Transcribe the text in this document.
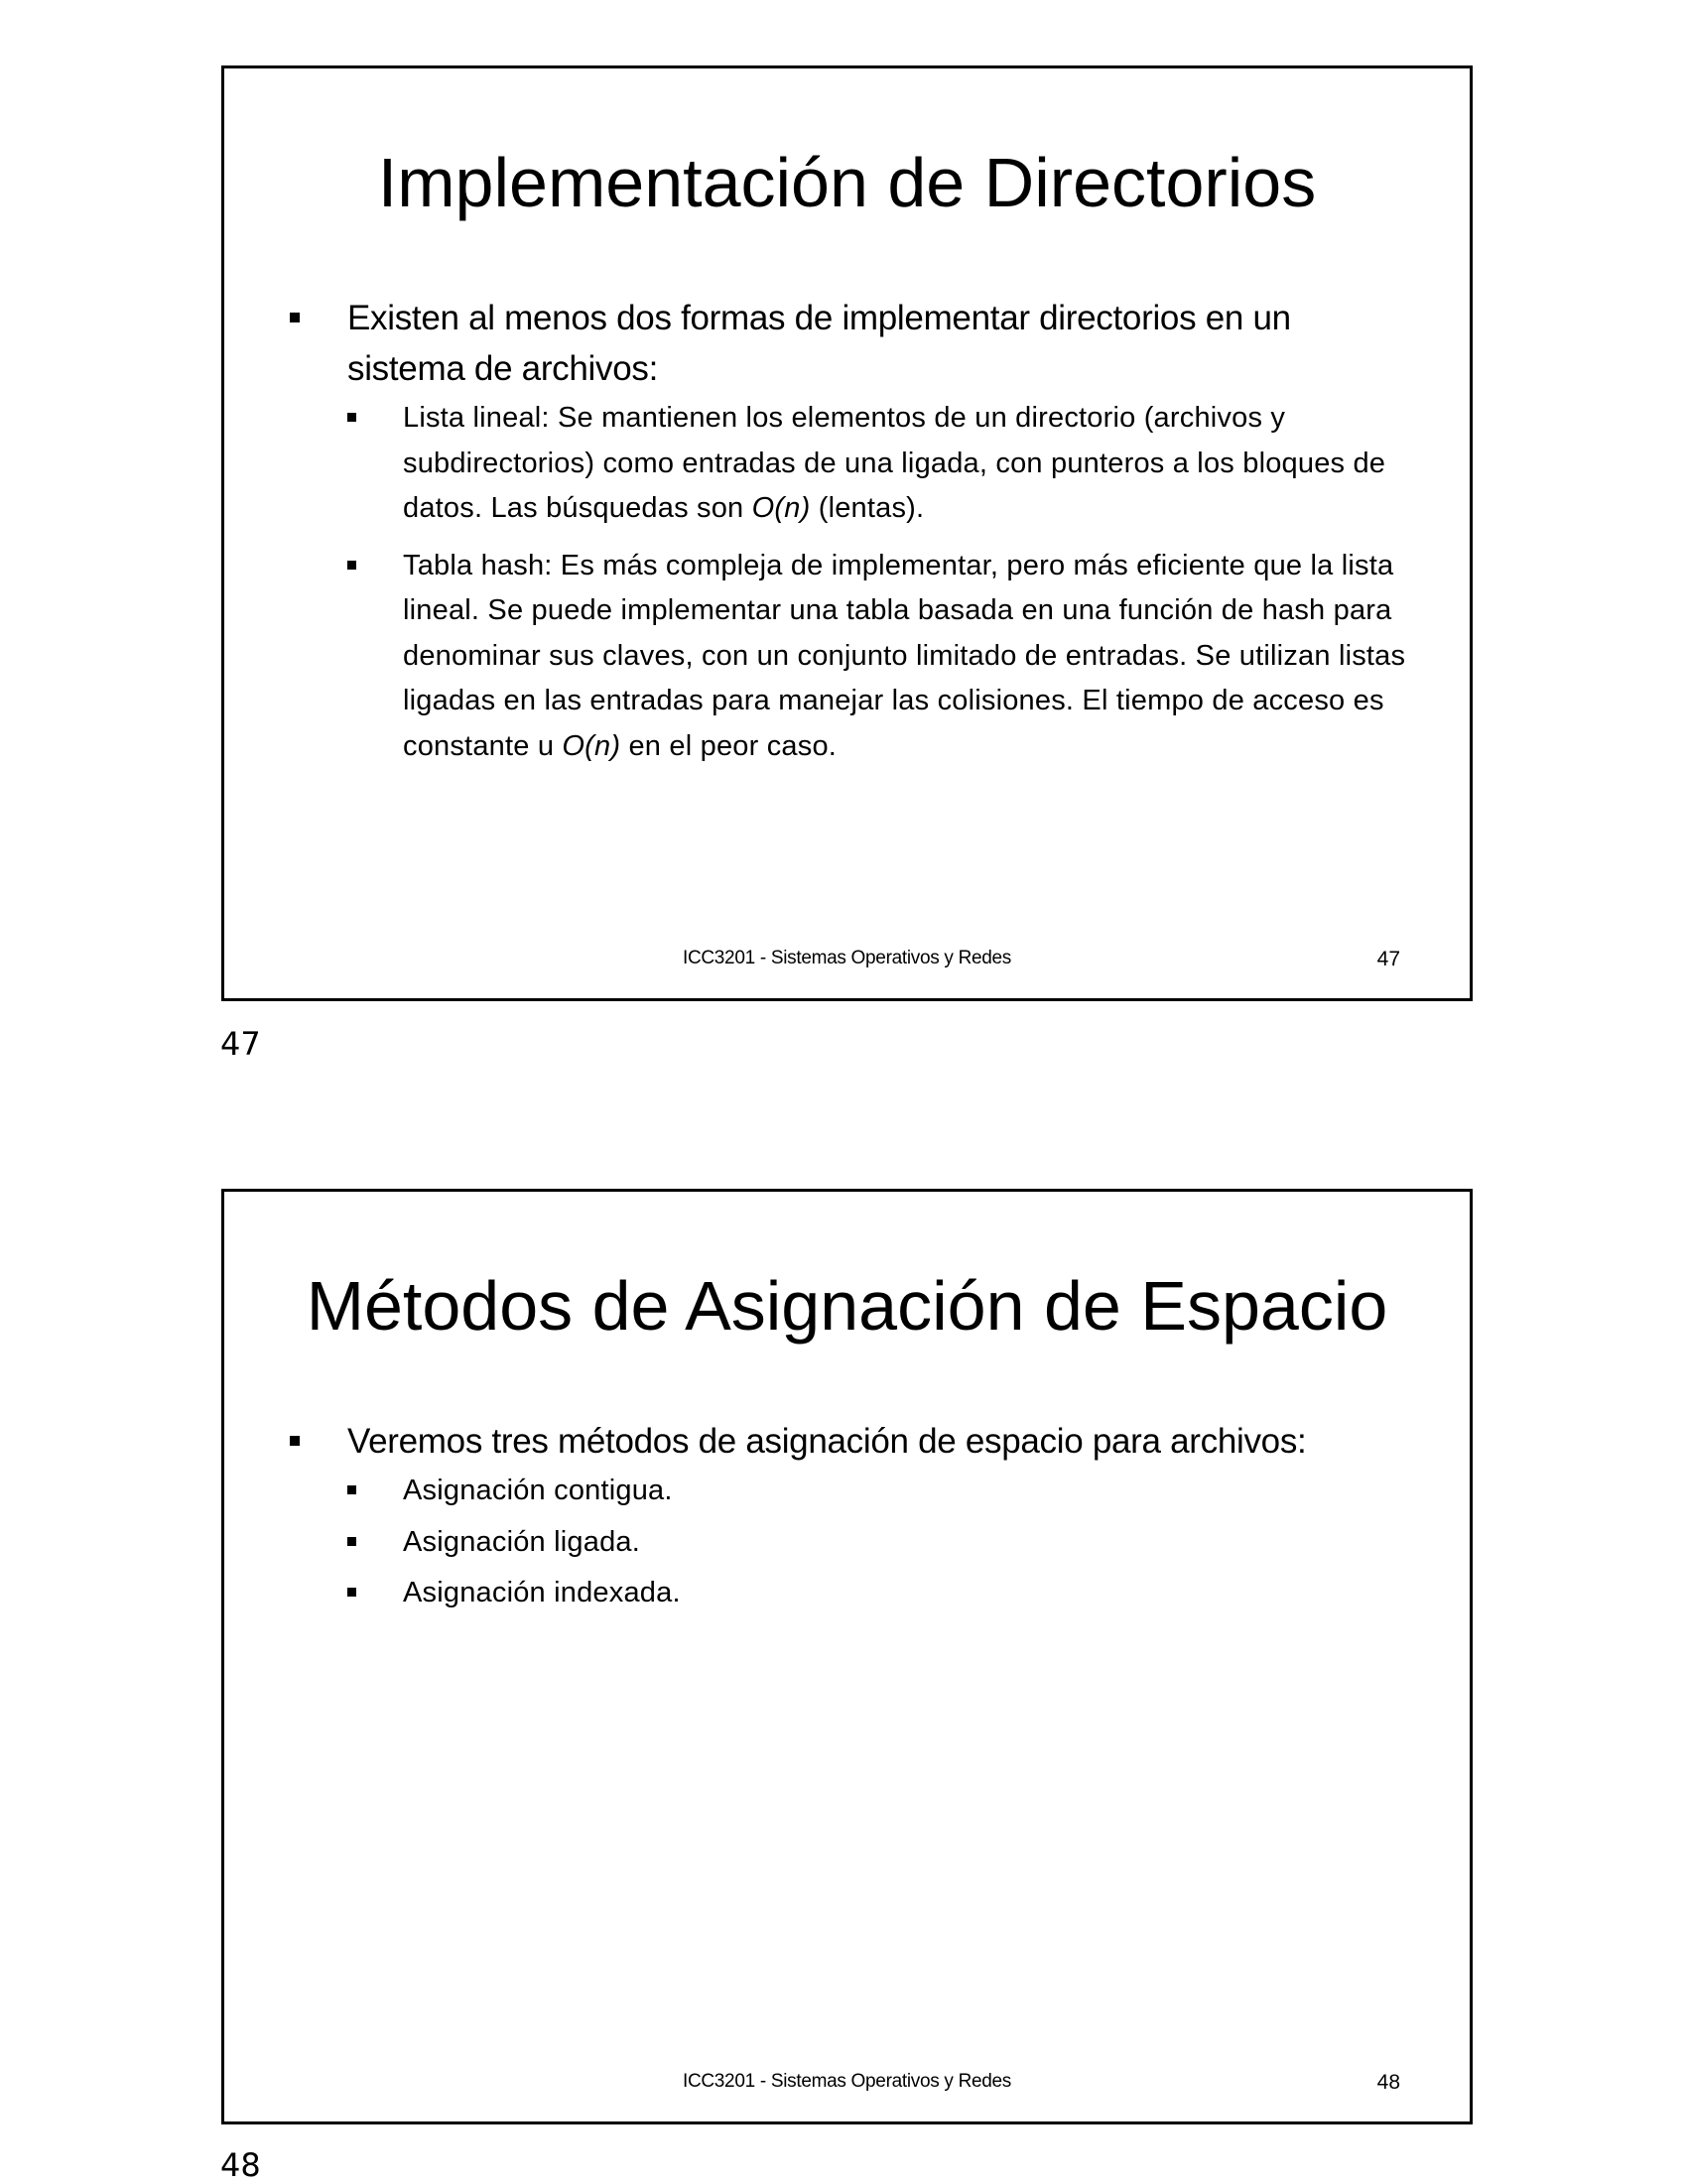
Implementación de Directorios
Existen al menos dos formas de implementar directorios en un sistema de archivos:
Lista lineal: Se mantienen los elementos de un directorio (archivos y subdirectorios) como entradas de una ligada, con punteros a los bloques de datos. Las búsquedas son O(n) (lentas).
Tabla hash: Es más compleja de implementar, pero más eficiente que la lista lineal. Se puede implementar una tabla basada en una función de hash para denominar sus claves, con un conjunto limitado de entradas. Se utilizan listas ligadas en las entradas para manejar las colisiones. El tiempo de acceso es constante u O(n) en el peor caso.
ICC3201 - Sistemas Operativos y Redes	47
47
Métodos de Asignación de Espacio
Veremos tres métodos de asignación de espacio para archivos:
Asignación contigua.
Asignación ligada.
Asignación indexada.
ICC3201 - Sistemas Operativos y Redes	48
48
